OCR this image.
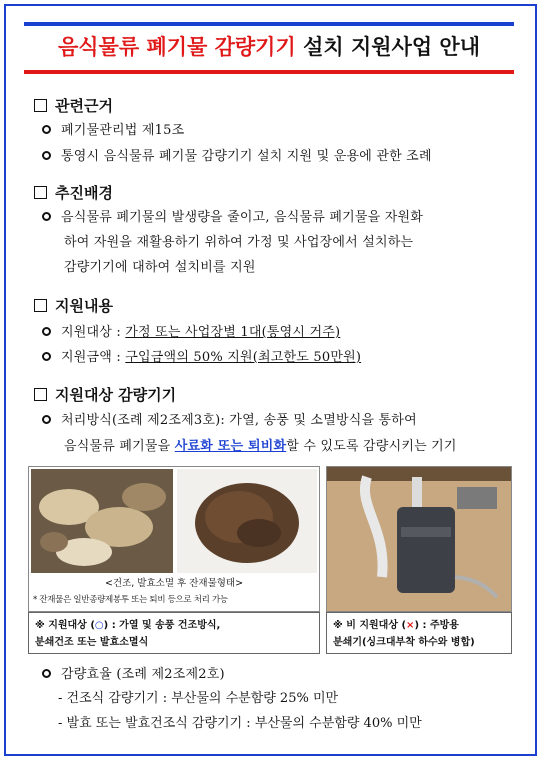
음식물류 폐기물 감량기기 설치 지원사업 안내
관련근거
폐기물관리법 제15조
통영시 음식물류 폐기물 감량기기 설치 지원 및 운용에 관한 조례
추진배경
음식물류 폐기물의 발생량을 줄이고, 음식물류 폐기물을 자원화
하여 자원을 재활용하기 위하여 가정 및 사업장에서 설치하는
감량기기에 대하여 설치비를 지원
지원내용
지원대상 : 가정 또는 사업장별 1대(통영시 거주)
지원금액 : 구입금액의 50% 지원(최고한도 50만원)
지원대상 감량기기
처리방식(조례 제2조제3호): 가열, 송풍 및 소멸방식을 통하여
음식물류 폐기물을 사료화 또는 퇴비화할 수 있도록 감량시키는 기기
<건조, 발효소멸 후 잔재물형태>
* 잔재물은 일반종량제봉투 또는 퇴비 등으로 처리 가능
※ 지원대상 (○) : 가열 및 송풍 건조방식,
분쇄건조 또는 발효소멸식
※ 비 지원대상 (×) : 주방용
분쇄기(싱크대부착 하수와 병합)
감량효율 (조례 제2조제2호)
- 건조식 감량기기 : 부산물의 수분함량 25% 미만
- 발효 또는 발효건조식 감량기기 : 부산물의 수분함량 40% 미만
